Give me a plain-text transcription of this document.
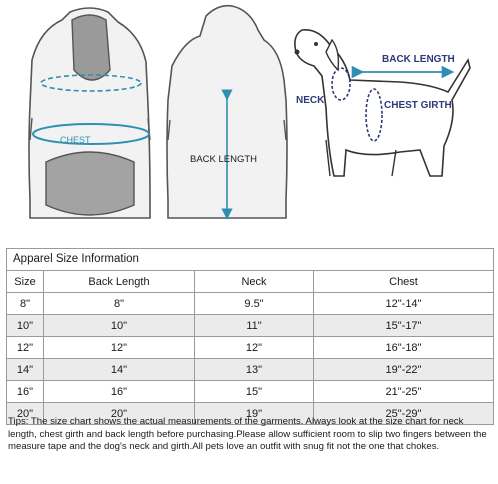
CHEST
BACK LENGTH
BACK LENGTH
NECK	CHEST GIRTH
Apparel Size Information
Size	Back Length	Neck	Chest
8"	8"	9.5"	12"-14"
10"	10"	11"	15"-17"
12"	12"	12"	16"-18"
14"	14"	13"	19"-22"
16"	16"	15"	21"-25"
20"	20"	19"	25"-29"
Tips: The size chart shows the actual measurements of the garments. Always look at the size chart for neck length, chest girth and back length before purchasing.Please allow sufficient room to slip two fingers between the measure tape and the dog's neck and girth.All pets love an outfit with snug fit not the one that chokes.
